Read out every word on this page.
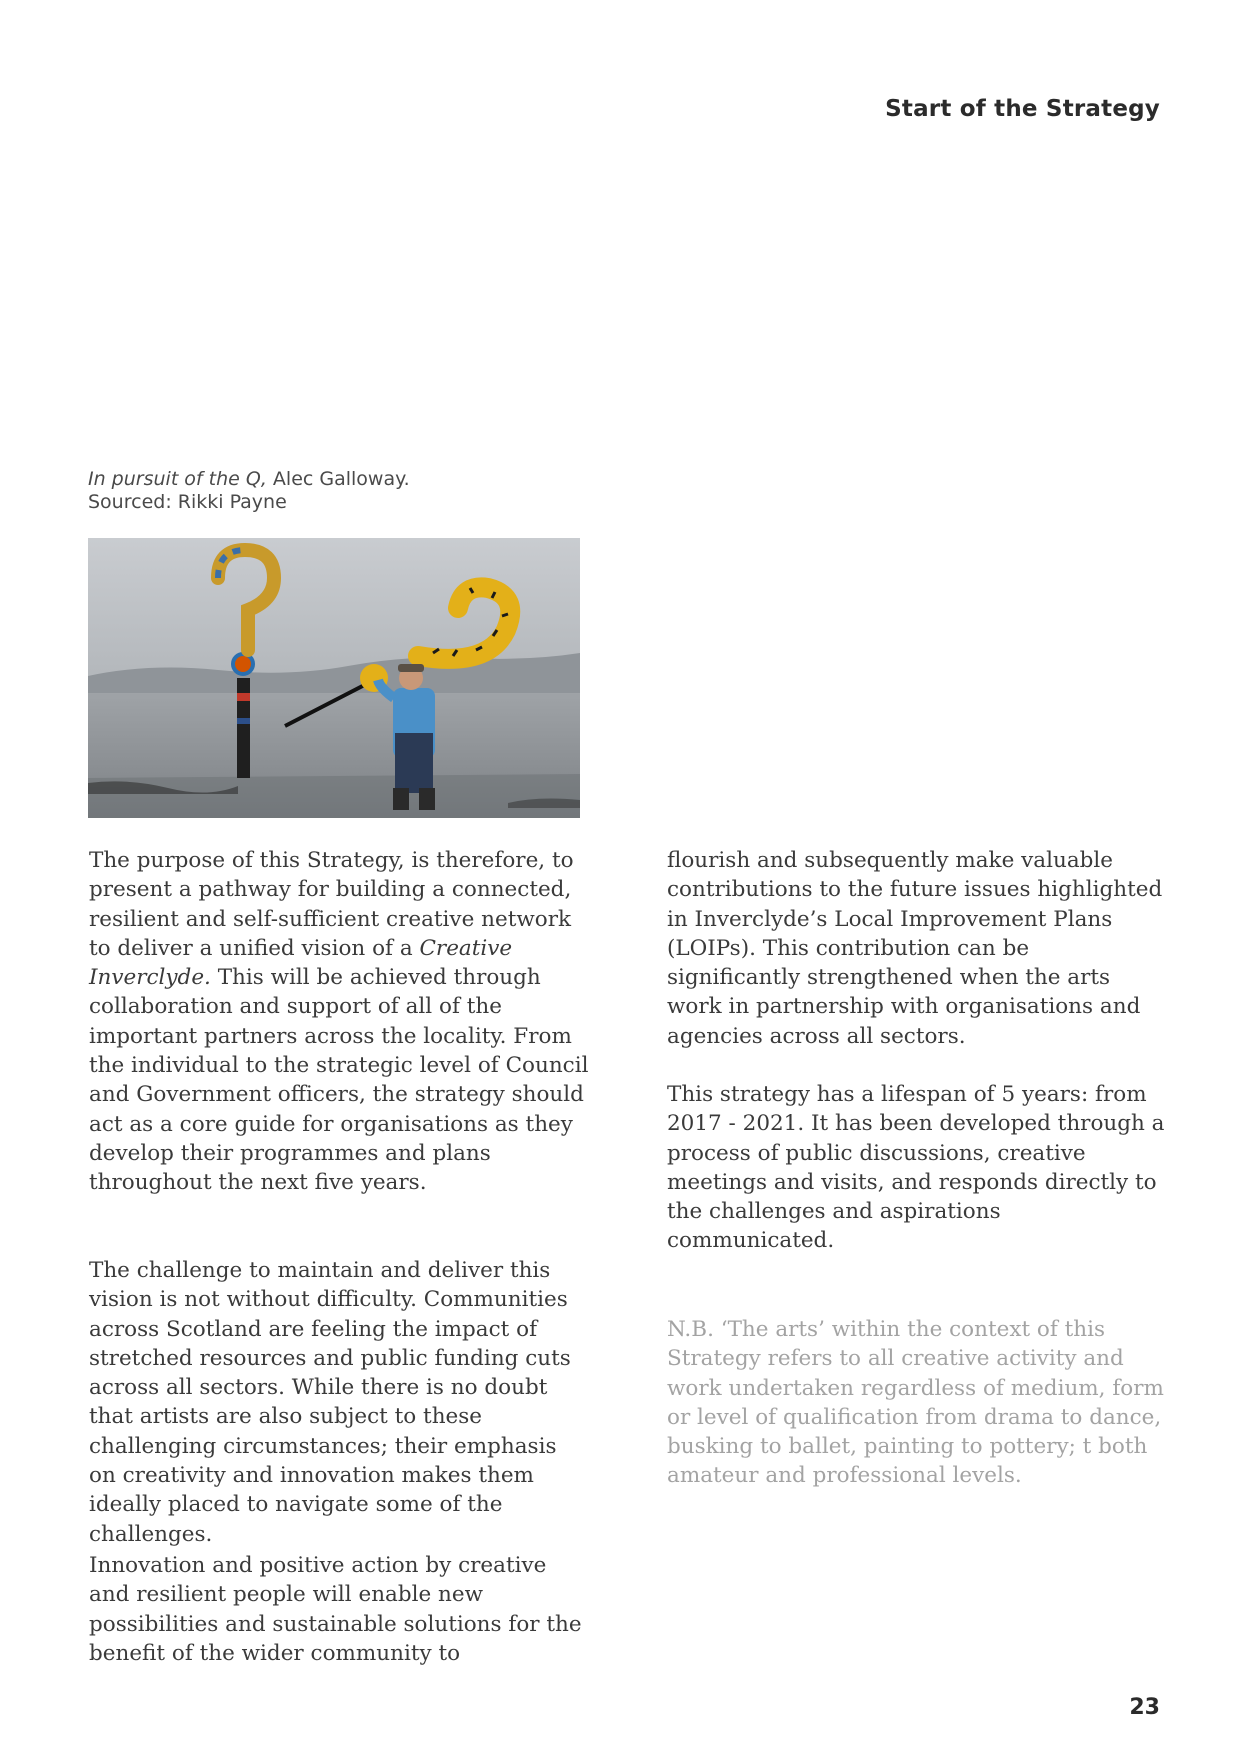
Start of the Strategy
In pursuit of the Q, Alec Galloway.
Sourced: Rikki Payne

The purpose of this Strategy, is therefore, to present a pathway for building a connected, resilient and self-sufficient creative network to deliver a unified vision of a Creative Inverclyde. This will be achieved through collaboration and support of all of the important partners across the locality. From the individual to the strategic level of Council and Government officers, the strategy should act as a core guide for organisations as they develop their programmes and plans throughout the next five years.

The challenge to maintain and deliver this vision is not without difficulty. Communities across Scotland are feeling the impact of stretched resources and public funding cuts across all sectors. While there is no doubt that artists are also subject to these challenging circumstances; their emphasis on creativity and innovation makes them ideally placed to navigate some of the challenges.

Innovation and positive action by creative and resilient people will enable new possibilities and sustainable solutions for the benefit of the wider community to

flourish and subsequently make valuable contributions to the future issues highlighted in Inverclyde’s Local Improvement Plans (LOIPs). This contribution can be significantly strengthened when the arts work in partnership with organisations and agencies across all sectors.

This strategy has a lifespan of 5 years: from 2017 - 2021. It has been developed through a process of public discussions, creative meetings and visits, and responds directly to the challenges and aspirations communicated.

N.B. ‘The arts’ within the context of this Strategy refers to all creative activity and work undertaken regardless of medium, form or level of qualification from drama to dance, busking to ballet, painting to pottery; t both amateur and professional levels.

23
